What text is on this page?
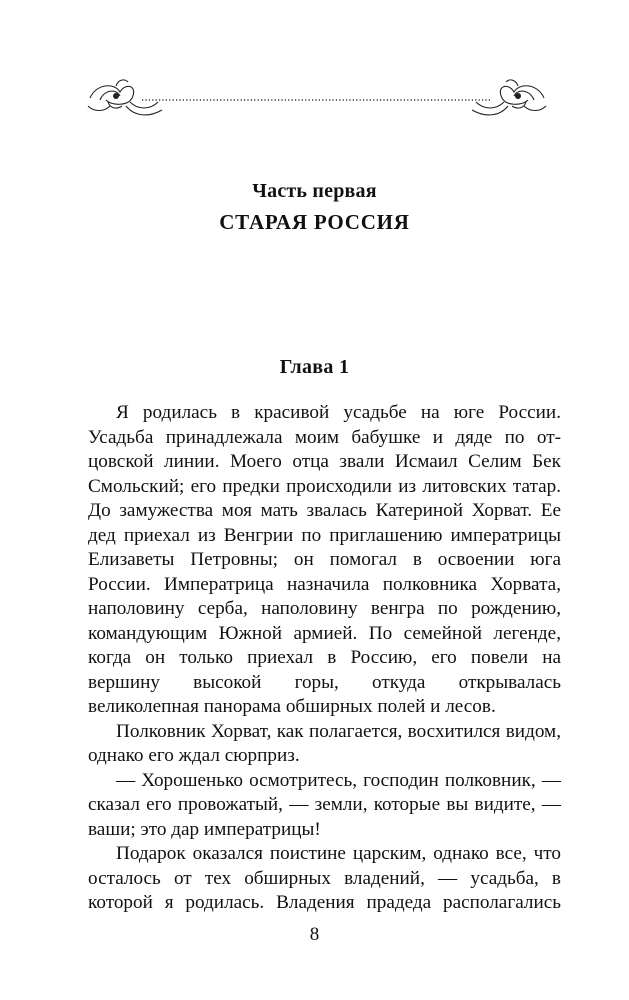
Часть первая
СТАРАЯ РОССИЯ
Глава 1

Я родилась в красивой усадьбе на юге России. Усадьба принадлежала моим бабушке и дяде по отцовской линии. Моего отца звали Исмаил Селим Бек Смольский; его предки происходили из литовских татар. До замужества моя мать звалась Катериной Хорват. Ее дед приехал из Венгрии по приглашению императрицы Елизаветы Петровны; он помогал в освоении юга России. Императрица назначила полковника Хорвата, наполовину серба, наполовину венгра по рождению, командующим Южной армией. По семейной легенде, когда он только приехал в Россию, его повели на вершину высокой горы, откуда открывалась великолепная панорама обширных полей и лесов.

Полковник Хорват, как полагается, восхитился видом, однако его ждал сюрприз.

— Хорошенько осмотритесь, господин полковник, — сказал его провожатый, — земли, которые вы видите, — ваши; это дар императрицы!

Подарок оказался поистине царским, однако все, что осталось от тех обширных владений, — усадьба, в которой я родилась. Владения прадеда располагались

8
